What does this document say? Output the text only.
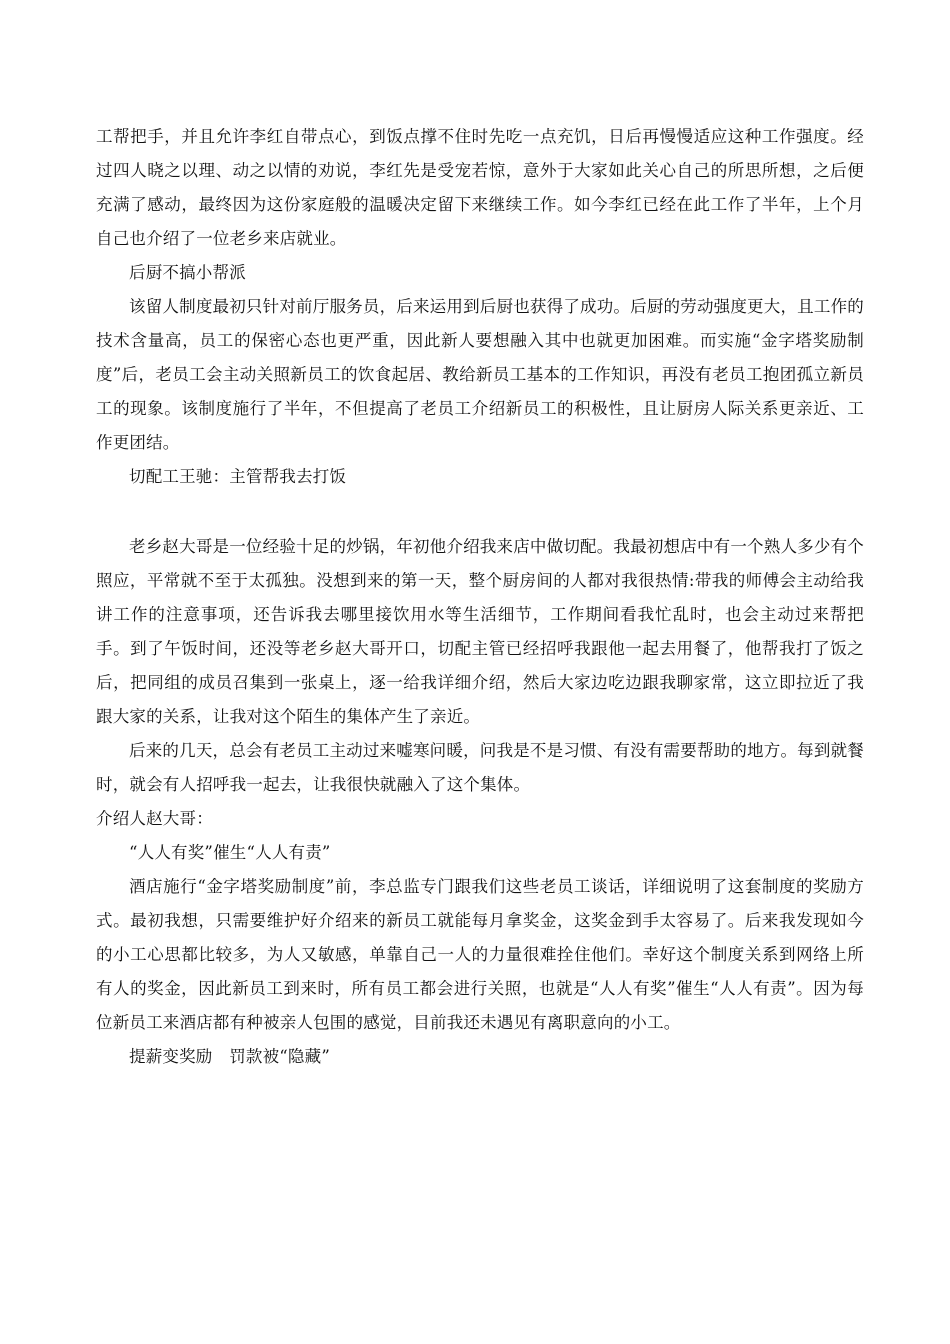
工帮把手，并且允许李红自带点心，到饭点撑不住时先吃一点充饥，日后再慢慢适应这种工作强度。经过四人晓之以理、动之以情的劝说，李红先是受宠若惊，意外于大家如此关心自己的所思所想，之后便充满了感动，最终因为这份家庭般的温暖决定留下来继续工作。如今李红已经在此工作了半年，上个月自己也介绍了一位老乡来店就业。

后厨不搞小帮派

该留人制度最初只针对前厅服务员，后来运用到后厨也获得了成功。后厨的劳动强度更大，且工作的技术含量高，员工的保密心态也更严重，因此新人要想融入其中也就更加困难。而实施“金字塔奖励制度”后，老员工会主动关照新员工的饮食起居、教给新员工基本的工作知识，再没有老员工抱团孤立新员工的现象。该制度施行了半年，不但提高了老员工介绍新员工的积极性，且让厨房人际关系更亲近、工作更团结。

切配工王驰：主管帮我去打饭

老乡赵大哥是一位经验十足的炒锅，年初他介绍我来店中做切配。我最初想店中有一个熟人多少有个照应，平常就不至于太孤独。没想到来的第一天，整个厨房间的人都对我很热情:带我的师傅会主动给我讲工作的注意事项，还告诉我去哪里接饮用水等生活细节，工作期间看我忙乱时，也会主动过来帮把手。到了午饭时间，还没等老乡赵大哥开口，切配主管已经招呼我跟他一起去用餐了，他帮我打了饭之后，把同组的成员召集到一张桌上，逐一给我详细介绍，然后大家边吃边跟我聊家常，这立即拉近了我跟大家的关系，让我对这个陌生的集体产生了亲近。

后来的几天，总会有老员工主动过来嘘寒问暖，问我是不是习惯、有没有需要帮助的地方。每到就餐时，就会有人招呼我一起去，让我很快就融入了这个集体。

介绍人赵大哥：

“人人有奖”催生“人人有责”

酒店施行“金字塔奖励制度”前，李总监专门跟我们这些老员工谈话，详细说明了这套制度的奖励方式。最初我想，只需要维护好介绍来的新员工就能每月拿奖金，这奖金到手太容易了。后来我发现如今的小工心思都比较多，为人又敏感，单靠自己一人的力量很难拴住他们。幸好这个制度关系到网络上所有人的奖金，因此新员工到来时，所有员工都会进行关照，也就是“人人有奖”催生“人人有责”。因为每位新员工来酒店都有种被亲人包围的感觉，目前我还未遇见有离职意向的小工。

提薪变奖励　罚款被“隐藏”
